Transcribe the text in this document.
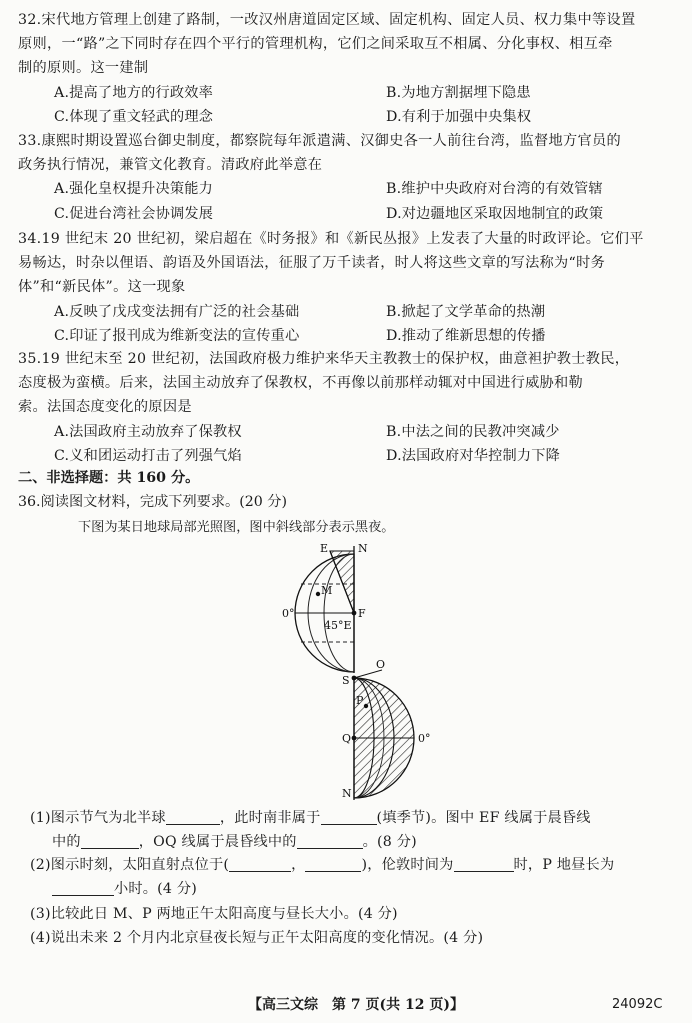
32.宋代地方管理上创建了路制，一改汉州唐道固定区域、固定机构、固定人员、权力集中等设置
原则，一“路”之下同时存在四个平行的管理机构，它们之间采取互不相属、分化事权、相互牵
制的原则。这一建制
A.提高了地方的行政效率	B.为地方割据埋下隐患
C.体现了重文轻武的理念	D.有利于加强中央集权
33.康熙时期设置巡台御史制度，都察院每年派遣满、汉御史各一人前往台湾，监督地方官员的
政务执行情况，兼管文化教育。清政府此举意在
A.强化皇权提升决策能力	B.维护中央政府对台湾的有效管辖
C.促进台湾社会协调发展	D.对边疆地区采取因地制宜的政策
34.19 世纪末 20 世纪初，梁启超在《时务报》和《新民丛报》上发表了大量的时政评论。它们平
易畅达，时杂以俚语、韵语及外国语法，征服了万千读者，时人将这些文章的写法称为“时务
体”和“新民体”。这一现象
A.反映了戊戌变法拥有广泛的社会基础	B.掀起了文学革命的热潮
C.印证了报刊成为维新变法的宣传重心	D.推动了维新思想的传播
35.19 世纪末至 20 世纪初，法国政府极力维护来华天主教教士的保护权，曲意袒护教士教民，
态度极为蛮横。后来，法国主动放弃了保教权，不再像以前那样动辄对中国进行威胁和勒
索。法国态度变化的原因是
A.法国政府主动放弃了保教权	B.中法之间的民教冲突减少
C.义和团运动打击了列强气焰	D.法国政府对华控制力下降
二、非选择题：共 160 分。
36.阅读图文材料，完成下列要求。(20 分)
下图为某日地球局部光照图，图中斜线部分表示黑夜。
E	N
M
F
0°
45°E
O
S
P
Q	0°
N
(1)图示节气为北半球	，此时南非属于	(填季节)。图中 EF 线属于晨昏线
中的	，OQ 线属于晨昏线中的	。(8 分)
(2)图示时刻，太阳直射点位于(	，	)，伦敦时间为	时，P 地昼长为
小时。(4 分)
(3)比较此日 M、P 两地正午太阳高度与昼长大小。(4 分)
(4)说出未来 2 个月内北京昼夜长短与正午太阳高度的变化情况。(4 分)
【高三文综　第 7 页(共 12 页)】	24092C
